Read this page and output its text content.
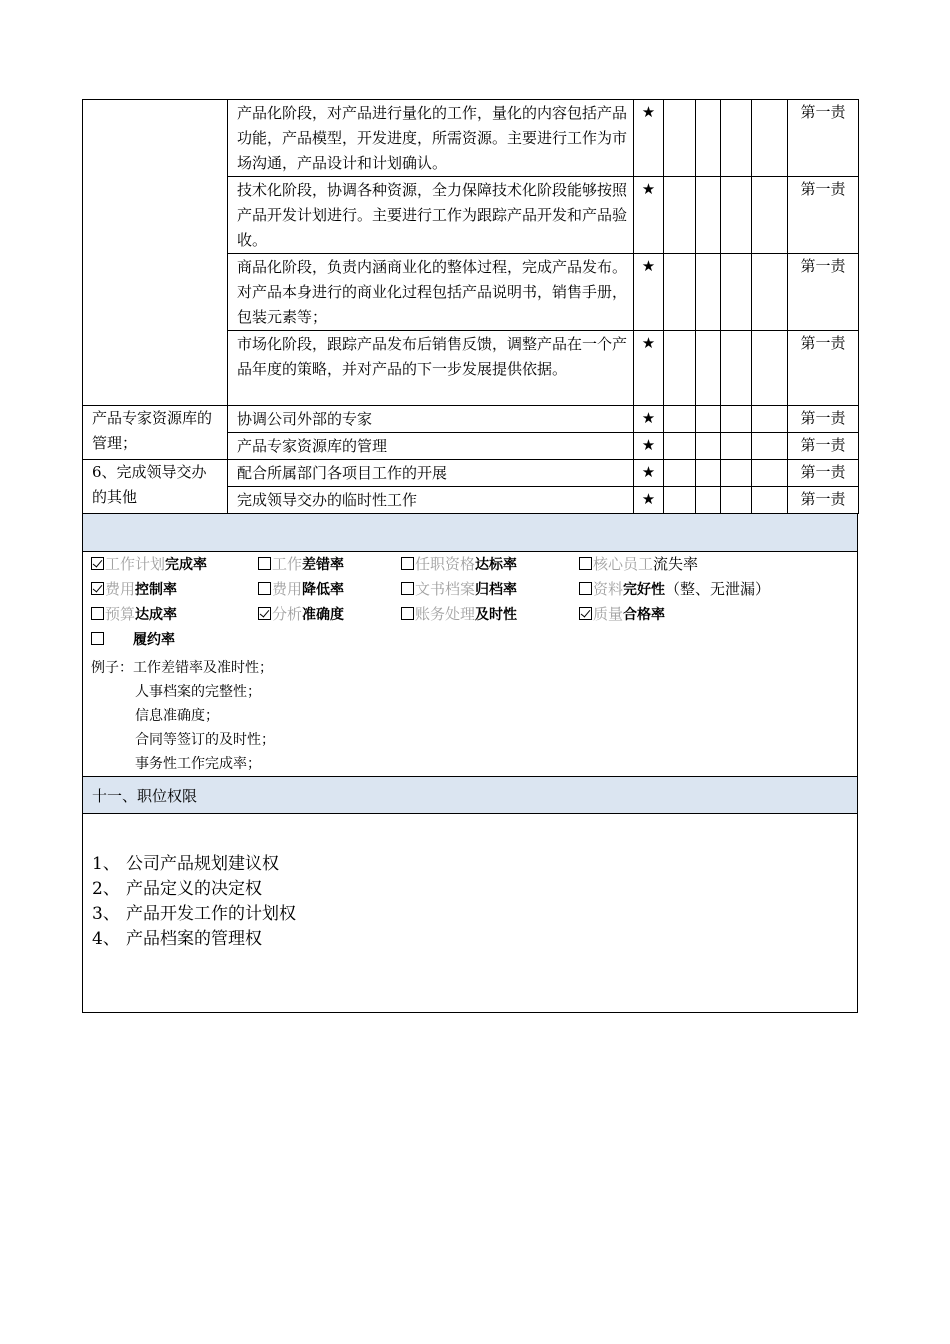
	产品化阶段，对产品进行量化的工作，量化的内容包括产品功能，产品模型，开发进度，所需资源。主要进行工作为市场沟通，产品设计和计划确认。	★					第一责
	技术化阶段，协调各种资源，全力保障技术化阶段能够按照产品开发计划进行。主要进行工作为跟踪产品开发和产品验收。	★					第一责
	商品化阶段，负责内涵商业化的整体过程，完成产品发布。对产品本身进行的商业化过程包括产品说明书，销售手册，包装元素等；	★					第一责
	市场化阶段，跟踪产品发布后销售反馈，调整产品在一个产品年度的策略，并对产品的下一步发展提供依据。	★					第一责
产品专家资源库的管理；	协调公司外部的专家	★					第一责
	产品专家资源库的管理	★					第一责
6、完成领导交办的其他	配合所属部门各项目工作的开展	★					第一责
	完成领导交办的临时性工作	★					第一责
工作计划完成率	工作差错率	任职资格达标率	核心员工流失率
费用控制率	费用降低率	文书档案归档率	资料完好性（整、无泄漏）
预算达成率	分析准确度	账务处理及时性	质量合格率
履约率
例子：工作差错率及准时性；
人事档案的完整性；
信息准确度；
合同等签订的及时性；
事务性工作完成率；
十一、职位权限
1、 公司产品规划建议权
2、 产品定义的决定权
3、 产品开发工作的计划权
4、 产品档案的管理权
